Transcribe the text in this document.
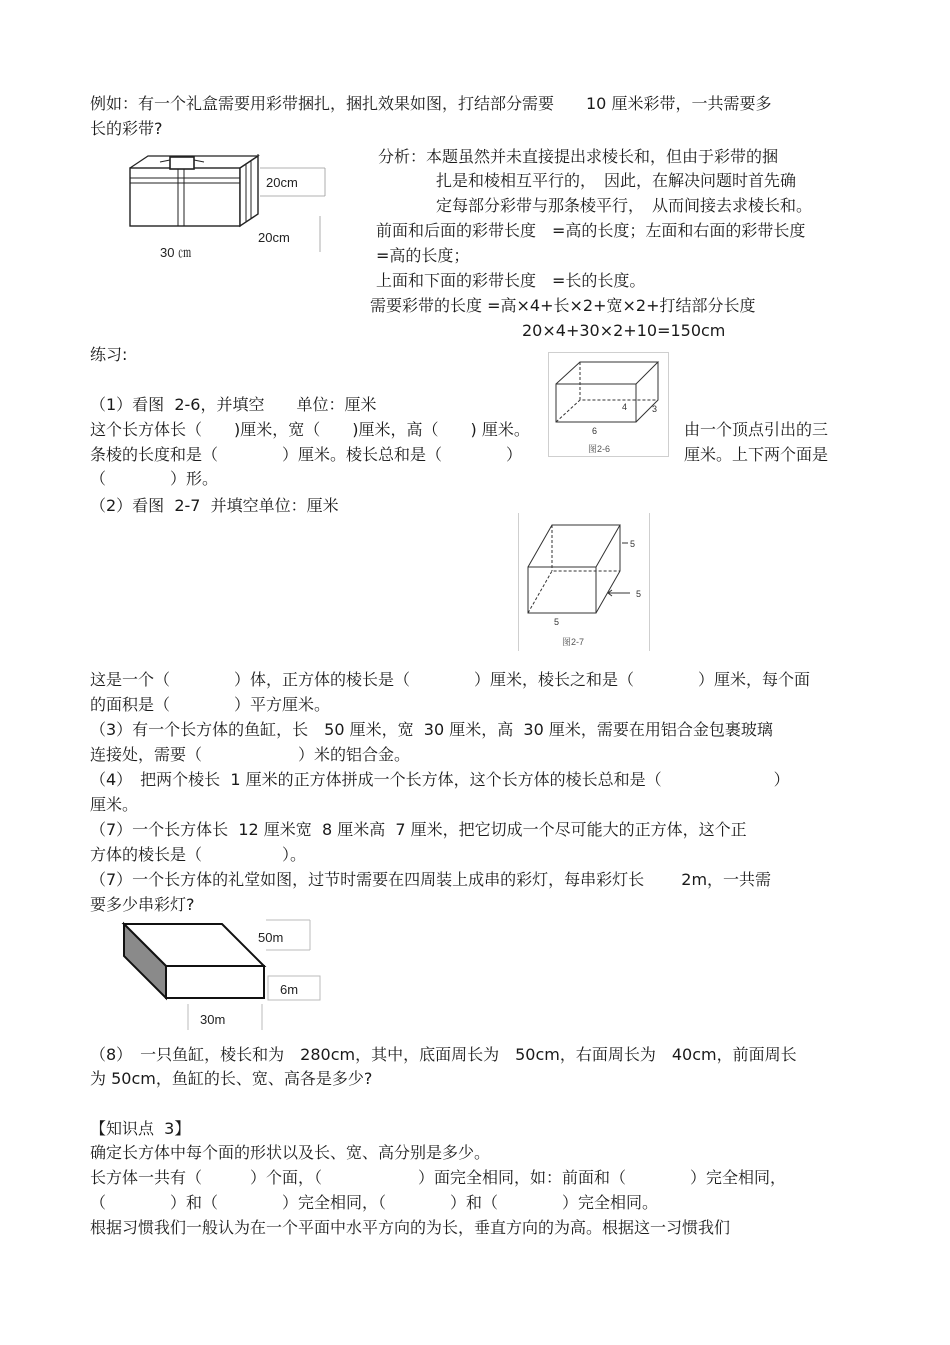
例如：有一个礼盒需要用彩带捆扎，捆扎效果如图，打结部分需要　　10 厘米彩带，一共需要多
长的彩带?
20cm
20cm
30 ㎝
分析：本题虽然并未直接提出求棱长和，但由于彩带的捆
扎是和棱相互平行的，　因此，在解决问题时首先确
定每部分彩带与那条棱平行，　从而间接去求棱长和。
前面和后面的彩带长度　=高的长度；左面和右面的彩带长度
=高的长度；
上面和下面的彩带长度　=长的长度。
需要彩带的长度 =高×4+长×2+宽×2+打结部分长度
20×4+30×2+10=150cm
练习:
（1）看图  2-6，并填空　　单位：厘米
这个长方体长（　　)厘米，宽（　　)厘米，高（　　) 厘米。
条棱的长度和是（　　　　）厘米。棱长总和是（　　　　）
（　　　　）形。
由一个顶点引出的三
厘米。上下两个面是
4	3
6
图2-6
（2）看图  2-7  并填空单位：厘米
5
5
5
图2-7
这是一个（　　　　）体，正方体的棱长是（　　　　）厘米，棱长之和是（　　　　）厘米，每个面
的面积是（　　　　）平方厘米。
（3）有一个长方体的鱼缸，长　50 厘米，宽  30 厘米，高  30 厘米，需要在用铝合金包裹玻璃
连接处，需要（　　　　　　）米的铝合金。
（4）　把两个棱长  1 厘米的正方体拼成一个长方体，这个长方体的棱长总和是（　　　　　　　）
厘米。
（7）一个长方体长  12 厘米宽  8 厘米高  7 厘米，把它切成一个尽可能大的正方体，这个正
方体的棱长是（　　　　　）。
（7）一个长方体的礼堂如图，过节时需要在四周装上成串的彩灯，每串彩灯长　　 2m，一共需
要多少串彩灯?
50m
6m
30m
（8）　一只鱼缸，棱长和为　280cm，其中，底面周长为　50cm，右面周长为　40cm，前面周长
为 50cm，鱼缸的长、宽、高各是多少?
【知识点  3】
确定长方体中每个面的形状以及长、宽、高分别是多少。
长方体一共有（　　　）个面，（　　　　　　）面完全相同，如：前面和（　　　　）完全相同，
（　　　　）和（　　　　）完全相同，（　　　　）和（　　　　）完全相同。
根据习惯我们一般认为在一个平面中水平方向的为长，垂直方向的为高。根据这一习惯我们
